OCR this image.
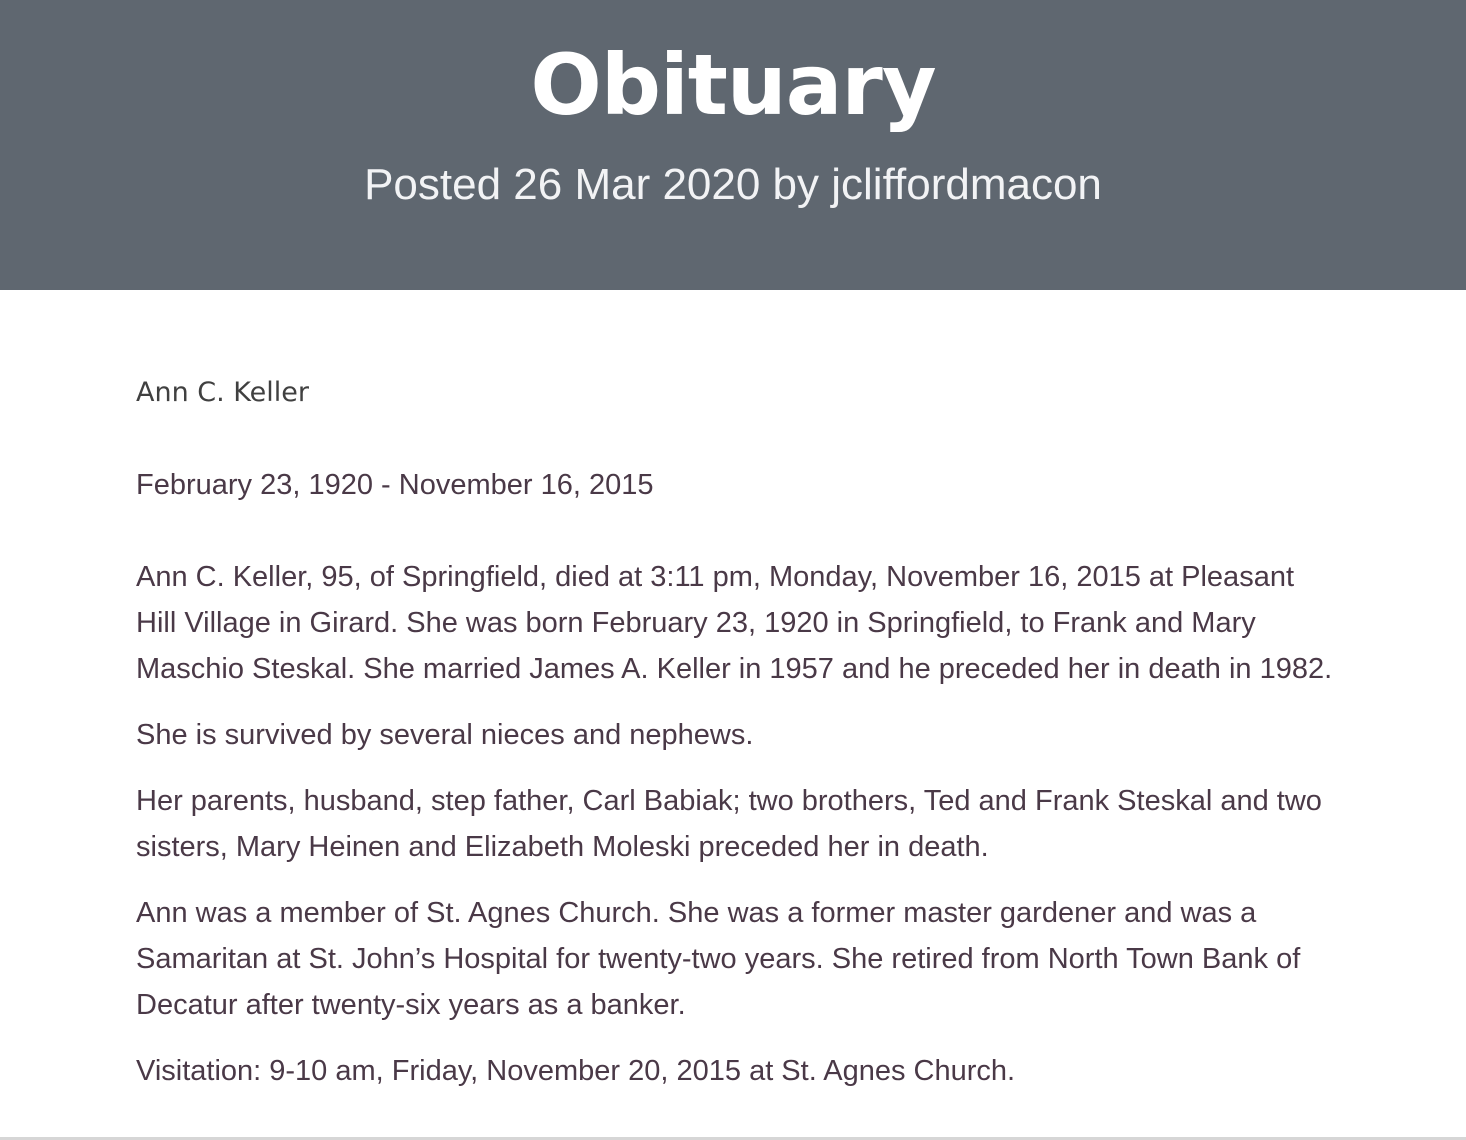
Obituary

Posted 26 Mar 2020 by jcliffordmacon

Ann C. Keller

February 23, 1920 - November 16, 2015

Ann C. Keller, 95, of Springfield, died at 3:11 pm, Monday, November 16, 2015 at Pleasant Hill Village in Girard. She was born February 23, 1920 in Springfield, to Frank and Mary Maschio Steskal. She married James A. Keller in 1957 and he preceded her in death in 1982.

She is survived by several nieces and nephews.

Her parents, husband, step father, Carl Babiak; two brothers, Ted and Frank Steskal and two sisters, Mary Heinen and Elizabeth Moleski preceded her in death.

Ann was a member of St. Agnes Church. She was a former master gardener and was a Samaritan at St. John’s Hospital for twenty-two years. She retired from North Town Bank of Decatur after twenty-six years as a banker.

Visitation: 9-10 am, Friday, November 20, 2015 at St. Agnes Church.
